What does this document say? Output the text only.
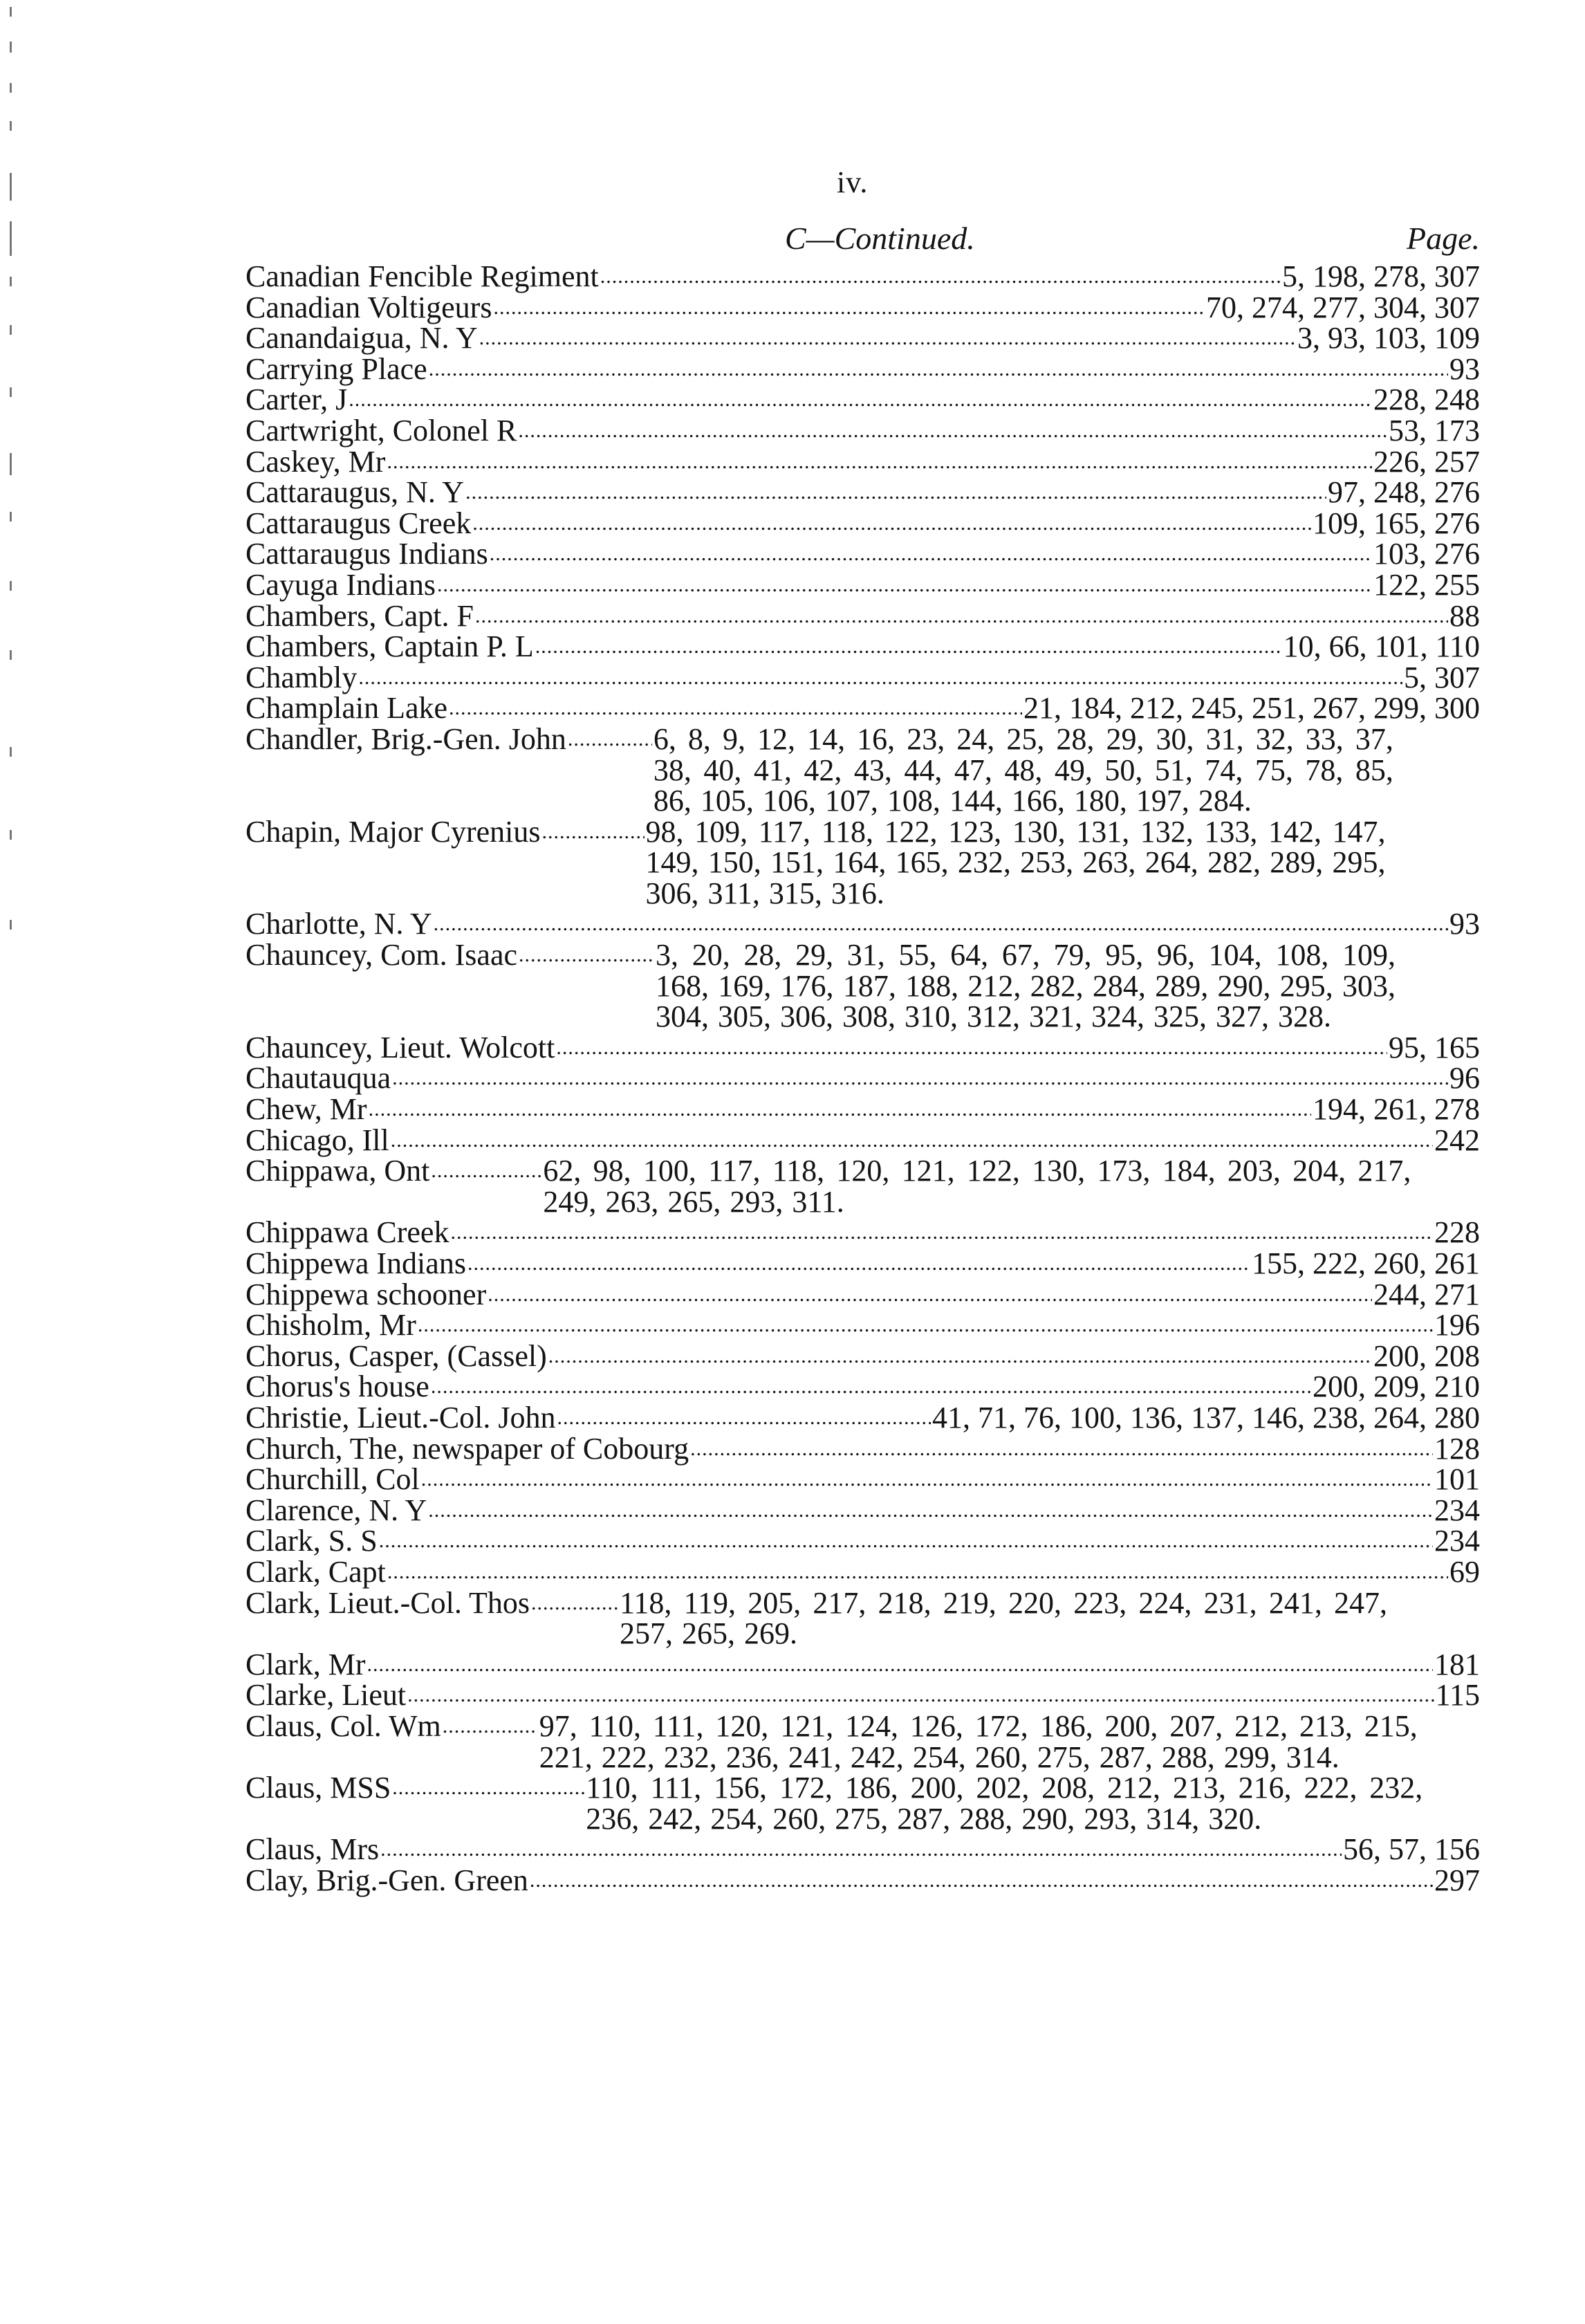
iv.
C—Continued.	Page.
Canadian Fencible Regiment .....	5, 198, 278, 307
Canadian Voltigeurs .....	70, 274, 277, 304, 307
Canandaigua, N. Y .....	3, 93, 103, 109
Carrying Place .....	93
Carter, J .....	228, 248
Cartwright, Colonel R .....	53, 173
Caskey, Mr .....	226, 257
Cattaraugus, N. Y .....	97, 248, 276
Cattaraugus Creek .....	109, 165, 276
Cattaraugus Indians .....	103, 276
Cayuga Indians .....	122, 255
Chambers, Capt. F .....	88
Chambers, Captain P. L .....	10, 66, 101, 110
Chambly .....	5, 307
Champlain Lake .....	21, 184, 212, 245, 251, 267, 299, 300
Chandler, Brig.-Gen. John .....	6, 8, 9, 12, 14, 16, 23, 24, 25, 28, 29, 30, 31, 32, 33, 37, 38, 40, 41, 42, 43, 44, 47, 48, 49, 50, 51, 74, 75, 78, 85, 86, 105, 106, 107, 108, 144, 166, 180, 197, 284.
Chapin, Major Cyrenius .....	98, 109, 117, 118, 122, 123, 130, 131, 132, 133, 142, 147, 149, 150, 151, 164, 165, 232, 253, 263, 264, 282, 289, 295, 306, 311, 315, 316.
Charlotte, N. Y .....	93
Chauncey, Com. Isaac .....	3, 20, 28, 29, 31, 55, 64, 67, 79, 95, 96, 104, 108, 109, 168, 169, 176, 187, 188, 212, 282, 284, 289, 290, 295, 303, 304, 305, 306, 308, 310, 312, 321, 324, 325, 327, 328.
Chauncey, Lieut. Wolcott .....	95, 165
Chautauqua .....	96
Chew, Mr .....	194, 261, 278
Chicago, Ill .....	242
Chippawa, Ont .....	62, 98, 100, 117, 118, 120, 121, 122, 130, 173, 184, 203, 204, 217, 249, 263, 265, 293, 311.
Chippawa Creek .....	228
Chippewa Indians .....	155, 222, 260, 261
Chippewa schooner .....	244, 271
Chisholm, Mr .....	196
Chorus, Casper, (Cassel) .....	200, 208
Chorus's house .....	200, 209, 210
Christie, Lieut.-Col. John .....	41, 71, 76, 100, 136, 137, 146, 238, 264, 280
Church, The, newspaper of Cobourg .....	128
Churchill, Col .....	101
Clarence, N. Y .....	234
Clark, S. S .....	234
Clark, Capt .....	69
Clark, Lieut.-Col. Thos .....	118, 119, 205, 217, 218, 219, 220, 223, 224, 231, 241, 247, 257, 265, 269.
Clark, Mr .....	181
Clarke, Lieut .....	115
Claus, Col. Wm .....	97, 110, 111, 120, 121, 124, 126, 172, 186, 200, 207, 212, 213, 215, 221, 222, 232, 236, 241, 242, 254, 260, 275, 287, 288, 299, 314.
Claus, MSS .....	110, 111, 156, 172, 186, 200, 202, 208, 212, 213, 216, 222, 232, 236, 242, 254, 260, 275, 287, 288, 290, 293, 314, 320.
Claus, Mrs .....	56, 57, 156
Clay, Brig.-Gen. Green .....	297
